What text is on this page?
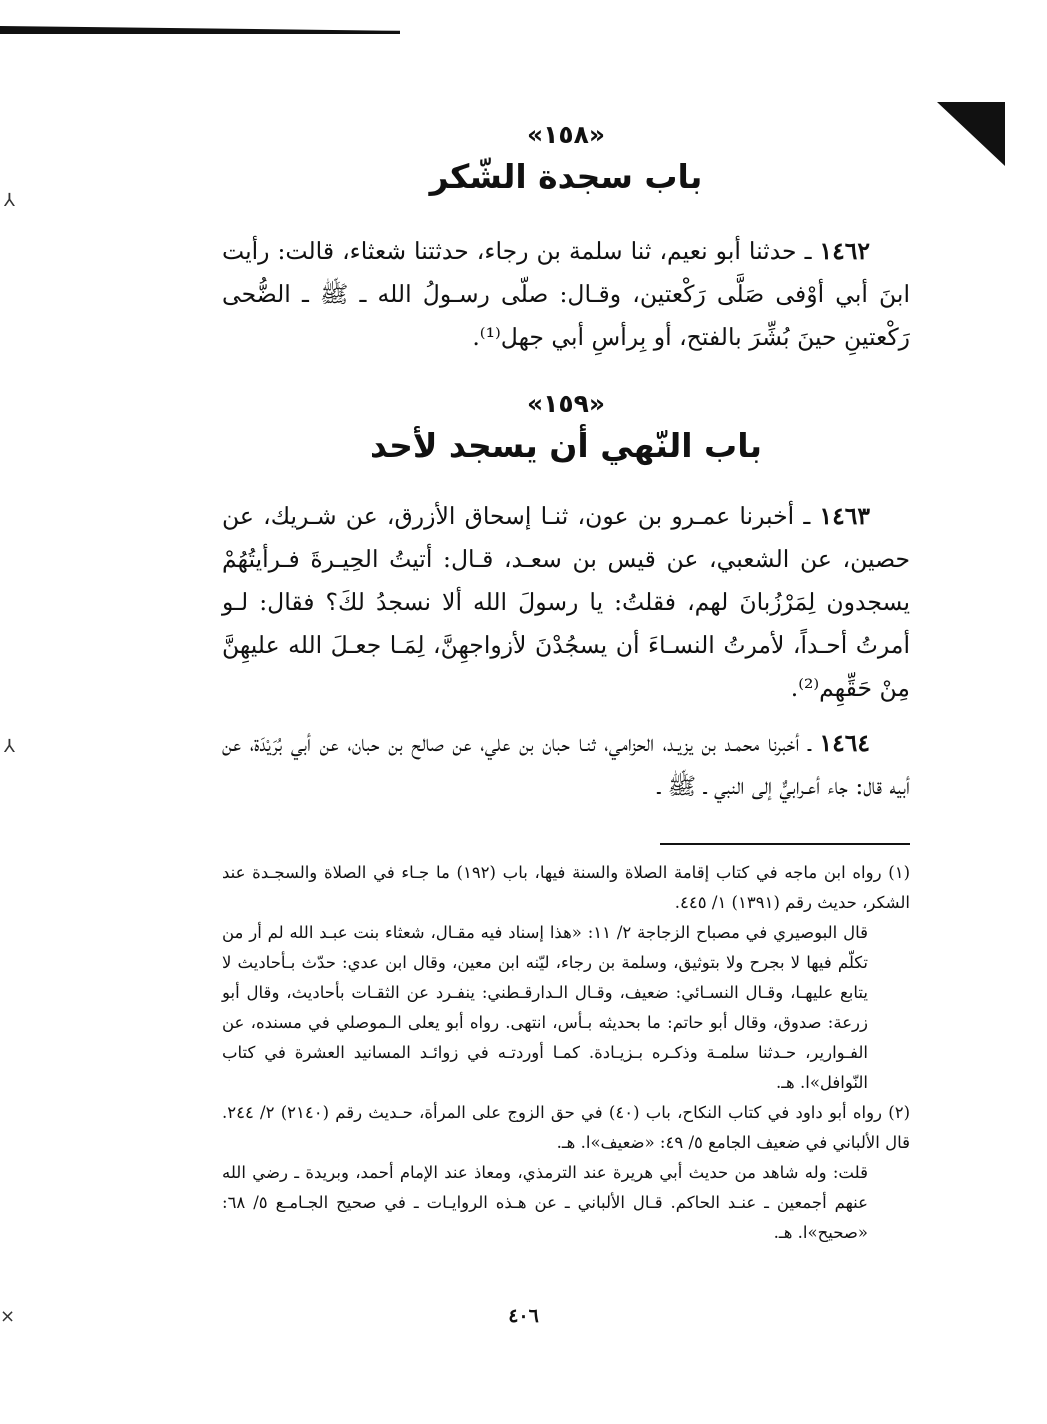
⅄
⅄
⨯
«١٥٨»
باب سجدة الشّكر

١٤٦٢ ـ حدثنا أبو نعيم، ثنا سلمة بن رجاء، حدثتنا شعثاء، قالت: رأيت ابنَ أبي أوْفى صَلَّى رَكْعتين، وقـال: صلّى رسـولُ الله ـ ﷺ ـ الضُّحى رَكْعتينِ حينَ بُشِّرَ بالفتح، أو بِرأسِ أبي جهل⁽¹⁾.

«١٥٩»
باب النّهي أن يسجد لأحد

١٤٦٣ ـ أخبرنا عمـرو بن عون، ثنـا إسحاق الأزرق، عن شـريك، عن حصين، عن الشعبي، عن قيس بن سعـد، قـال: أتيتُ الحِيـرةَ فـرأيتُهُمْ يسجدون لِمَرْزُبانَ لهم، فقلتُ: يا رسولَ الله ألا نسجدُ لكَ؟ فقال: لـو أمرتُ أحـداً، لأمرتُ النسـاءَ أن يسجُدْنَ لأزواجهِنَّ، لِمَـا جعـلَ الله عليهِنَّ مِنْ حَقِّهِم⁽²⁾.

١٤٦٤ ـ أخبرنا محمـد بن يزيـد، الحزامي، ثنـا حبان بن علي، عن صالح بن حبان، عن أبي بُرَيْدَة، عن أبيه قال: جاء أعـرابيٌّ إلى النبي ـ ﷺ ـ

(١) رواه ابن ماجه في كتاب إقامة الصلاة والسنة فيها، باب (١٩٢) ما جـاء في الصلاة والسجـدة عند الشكر، حديث رقم (١٣٩١) ١/ ٤٤٥.

قال البوصيري في مصباح الزجاجة ٢/ ١١: «هذا إسناد فيه مقـال، شعثاء بنت عبـد الله لم أر من تكلّم فيها لا بجرح ولا بتوثيق، وسلمة بن رجاء، ليّنه ابن معين، وقال ابن عدي: حدّث بـأحاديث لا يتابع عليهـا، وقـال النسـائي: ضعيف، وقـال الـدارقـطني: ينفـرد عن الثقـات بأحاديث، وقال أبو زرعة: صدوق، وقال أبو حاتم: ما بحديثه بـأس، انتهى. رواه أبو يعلى الـموصلي في مسنده، عن الفـوارير، حـدثنا سلمـة وذكـره بـزيـادة. كمـا أوردتـه في زوائـد المسانيد العشرة في كتاب النّوافل»ا. هـ.

(٢) رواه أبو داود في كتاب النكاح، باب (٤٠) في حق الزوج على المرأة، حـديث رقم (٢١٤٠) ٢/ ٢٤٤. قال الألباني في ضعيف الجامع ٥/ ٤٩: «ضعيف»ا. هـ.

قلت: وله شاهد من حديث أبي هريرة عند الترمذي، ومعاذ عند الإمام أحمد، وبريدة ـ رضي الله عنهم أجمعين ـ عنـد الحاكم. قـال الألباني ـ عن هـذه الروايـات ـ في صحيح الجـامـع ٥/ ٦٨: «صحيح»ا. هـ.

٤٠٦
